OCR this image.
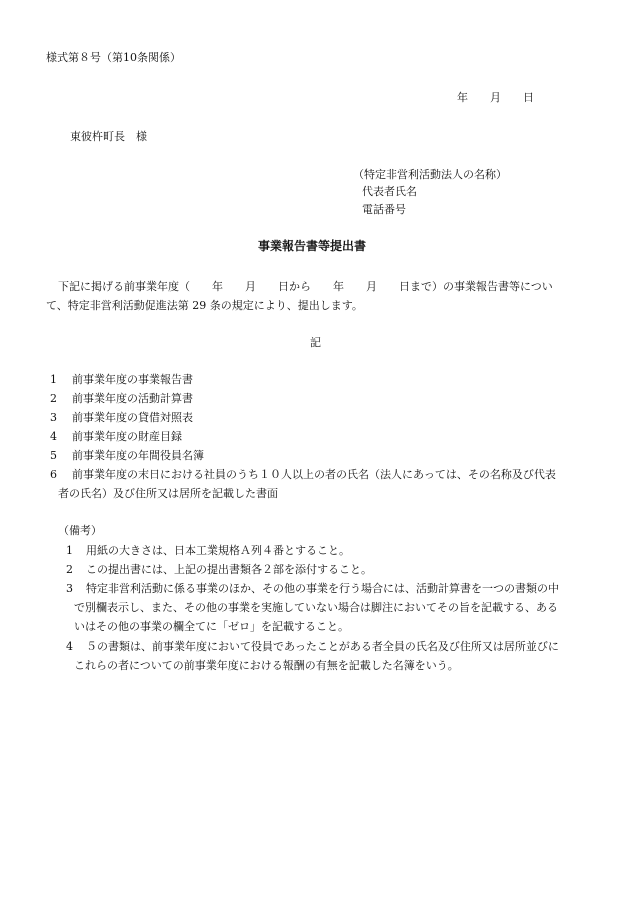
様式第８号（第10条関係）
年　　月　　日
東彼杵町長　様
（特定非営利活動法人の名称）
代表者氏名
電話番号
事業報告書等提出書
下記に掲げる前事業年度（　　年　　月　　日から　　年　　月　　日まで）の事業報告書等につい
て、特定非営利活動促進法第 29 条の規定により、提出します。
記
1 前事業年度の事業報告書
2 前事業年度の活動計算書
3 前事業年度の貸借対照表
4 前事業年度の財産目録
5 前事業年度の年間役員名簿
6 前事業年度の末日における社員のうち１０人以上の者の氏名（法人にあっては、その名称及び代表
者の氏名）及び住所又は居所を記載した書面
（備考）
1 用紙の大きさは、日本工業規格Ａ列４番とすること。
2 この提出書には、上記の提出書類各２部を添付すること。
3 特定非営利活動に係る事業のほか、その他の事業を行う場合には、活動計算書を一つの書類の中
で別欄表示し、また、その他の事業を実施していない場合は脚注においてその旨を記載する、ある
いはその他の事業の欄全てに「ゼロ」を記載すること。
4 ５の書類は、前事業年度において役員であったことがある者全員の氏名及び住所又は居所並びに
これらの者についての前事業年度における報酬の有無を記載した名簿をいう。
